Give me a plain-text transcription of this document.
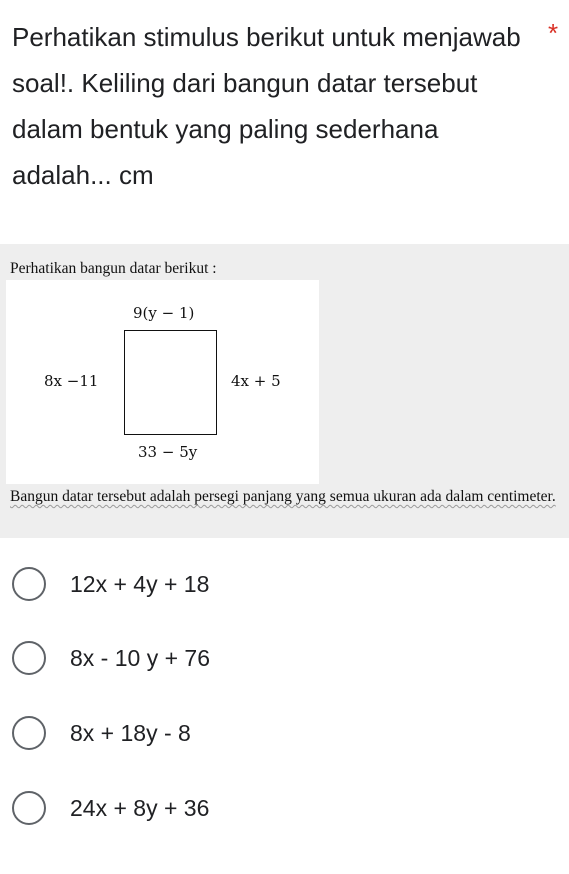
Perhatikan stimulus berikut untuk menjawab soal!. Keliling dari bangun datar tersebut dalam bentuk yang paling sederhana adalah... cm
*
Perhatikan bangun datar berikut :
9(y − 1)
8x −11	4x + 5
33 − 5y
Bangun datar tersebut adalah persegi panjang yang semua ukuran ada dalam centimeter.
12x + 4y + 18
8x - 10 y + 76
8x + 18y - 8
24x + 8y + 36
